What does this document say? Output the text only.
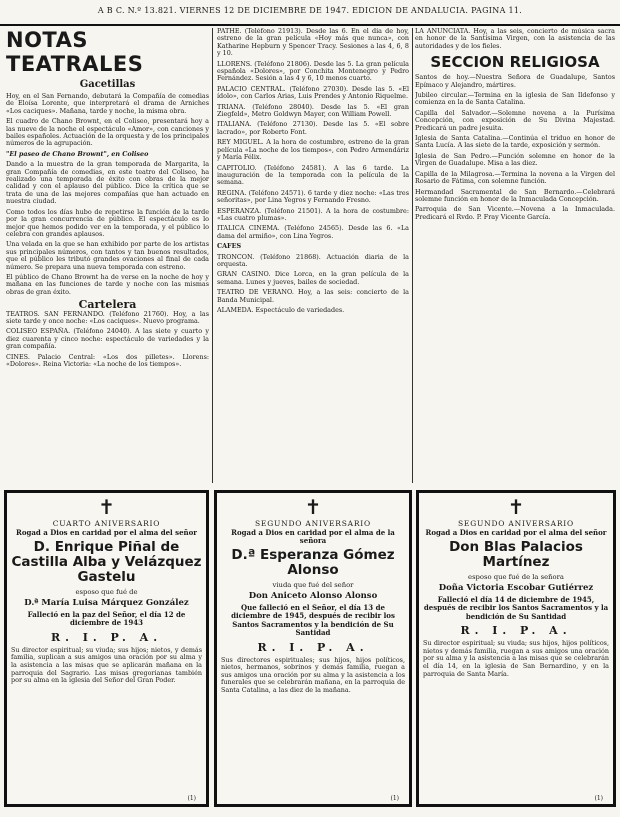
A B C. N.º 13.821. VIERNES 12 DE DICIEMBRE DE 1947. EDICION DE ANDALUCIA. PAGINA 11.
NOTAS TEATRALES
Gacetillas

Hoy, en el San Fernando, debutará la Compañía de comedias de Eloísa Lorente, que interpretará el drama de Arniches «Los caciques». Mañana, tarde y noche, la misma obra.

El cuadro de Chano Brownt, en el Coliseo, presentará hoy a las nueve de la noche el espectáculo «Amor», con canciones y bailes españoles. Actuación de la orquesta y de los principales números de la agrupación.

"El paseo de Chano Brownt", en Coliseo

Dando a la muestra de la gran temporada de Margarita, la gran Compañía de comedias, en este teatro del Coliseo, ha realizado una temporada de éxito con obras de la mejor calidad y con el aplauso del público. Dice la crítica que se trata de una de las mejores compañías que han actuado en nuestra ciudad.

Como todos los días hubo de repetirse la función de la tarde por la gran concurrencia de público. El espectáculo es lo mejor que hemos podido ver en la temporada, y el público lo celebra con grandes aplausos.

Una velada en la que se han exhibido por parte de los artistas sus principales números, con tantos y tan buenos resultados, que el público les tributó grandes ovaciones al final de cada número. Se prepara una nueva temporada con estreno.

El público de Chano Brownt ha de verse en la noche de hoy y mañana en las funciones de tarde y noche con las mismas obras de gran éxito.

Cartelera

TEATROS. SAN FERNANDO. (Teléfono 21760). Hoy, a las siete tarde y once noche: «Los caciques». Nuevo programa.

COLISEO ESPAÑA. (Teléfono 24040). A las siete y cuarto y diez cuarenta y cinco noche: espectáculo de variedades y la gran compañía.

CINES. Palacio Central: «Los dos pilletes». Llorens: «Dolores». Reina Victoria: «La noche de los tiempos».

PATHE. (Teléfono 21913). Desde las 6. En el día de hoy, estreno de la gran película «Hoy más que nunca», con Katharine Hepburn y Spencer Tracy. Sesiones a las 4, 6, 8 y 10.

LLORENS. (Teléfono 21806). Desde las 5. La gran película española «Dolores», por Conchita Montenegro y Pedro Fernández. Sesión a las 4 y 6, 10 menos cuarto.

PALACIO CENTRAL. (Teléfono 27030). Desde las 5. «El ídolo», con Carlos Arias, Luis Prendes y Antonio Riquelme.

TRIANA. (Teléfono 28040). Desde las 5. «El gran Ziegfeld», Metro Goldwyn Mayer, con William Powell.

ITALIANA. (Teléfono 27130). Desde las 5. «El sobre lacrado», por Roberto Font.

REY MIGUEL. A la hora de costumbre, estreno de la gran película «La noche de los tiempos», con Pedro Armendáriz y María Félix.

CAPITOLIO. (Teléfono 24581). A las 6 tarde. La inauguración de la temporada con la película de la semana.

REGINA. (Teléfono 24571). 6 tarde y diez noche: «Las tres señoritas», por Lina Yegros y Fernando Fresno.

ESPERANZA. (Teléfono 21501). A la hora de costumbre: «Las cuatro plumas».

ITALICA CINEMA. (Teléfono 24565). Desde las 6. «La dama del armiño», con Lina Yegros.

CAFES

TRONCON. (Teléfono 21868). Actuación diaria de la orquesta.

GRAN CASINO. Dice Lorca, en la gran película de la semana. Lunes y jueves, bailes de sociedad.

TEATRO DE VERANO. Hoy, a las seis: concierto de la Banda Municipal.

ALAMEDA. Espectáculo de variedades.

LA ANUNCIATA. Hoy, a las seis, concierto de música sacra en honor de la Santísima Virgen, con la asistencia de las autoridades y de los fieles.

SECCION RELIGIOSA

Santos de hoy.—Nuestra Señora de Guadalupe, Santos Epímaco y Alejandro, mártires.

Jubileo circular.—Termina en la iglesia de San Ildefonso y comienza en la de Santa Catalina.

Capilla del Salvador.—Solemne novena a la Purísima Concepción, con exposición de Su Divina Majestad. Predicará un padre jesuita.

Iglesia de Santa Catalina.—Continúa el triduo en honor de Santa Lucía. A las siete de la tarde, exposición y sermón.

Iglesia de San Pedro.—Función solemne en honor de la Virgen de Guadalupe. Misa a las diez.

Capilla de la Milagrosa.—Termina la novena a la Virgen del Rosario de Fátima, con solemne función.

Hermandad Sacramental de San Bernardo.—Celebrará solemne función en honor de la Inmaculada Concepción.

Parroquia de San Vicente.—Novena a la Inmaculada. Predicará el Rvdo. P. Fray Vicente García.

✝
CUARTO ANIVERSARIO
Rogad a Dios en caridad por el alma del señor
D. Enrique Piñal de Castilla Alba y Velázquez Gastelu
esposo que fué de
D.ª María Luisa Márquez González
Falleció en la paz del Señor, el día 12 de diciembre de 1943
R. I. P. A.
Su director espiritual; su viuda; sus hijos; nietos, y demás familia, suplican a sus amigos una oración por su alma y la asistencia a las misas que se aplicarán mañana en la parroquia del Sagrario. Las misas gregorianas también por su alma en la iglesia del Señor del Gran Poder.
(1)
✝
SEGUNDO ANIVERSARIO
Rogad a Dios en caridad por el alma de la señora
D.ª Esperanza Gómez Alonso
viuda que fué del señor
Don Aniceto Alonso Alonso
Que falleció en el Señor, el día 13 de diciembre de 1945, después de recibir los Santos Sacramentos y la bendición de Su Santidad
R. I. P. A.
Sus directores espirituales; sus hijos, hijos políticos, nietos, hermanos, sobrinos y demás familia, ruegan a sus amigos una oración por su alma y la asistencia a los funerales que se celebrarán mañana, en la parroquia de Santa Catalina, a las diez de la mañana.
(1)
✝
SEGUNDO ANIVERSARIO
Rogad a Dios en caridad por el alma del señor
Don Blas Palacios Martínez
esposo que fué de la señora
Doña Victoria Escobar Gutiérrez
Falleció el día 14 de diciembre de 1945, después de recibir los Santos Sacramentos y la bendición de Su Santidad
R. I. P. A.
Su director espiritual; su viuda; sus hijos, hijos políticos, nietos y demás familia, ruegan a sus amigos una oración por su alma y la asistencia a las misas que se celebrarán el día 14, en la iglesia de San Bernardino, y en la parroquia de Santa María.
(1)
